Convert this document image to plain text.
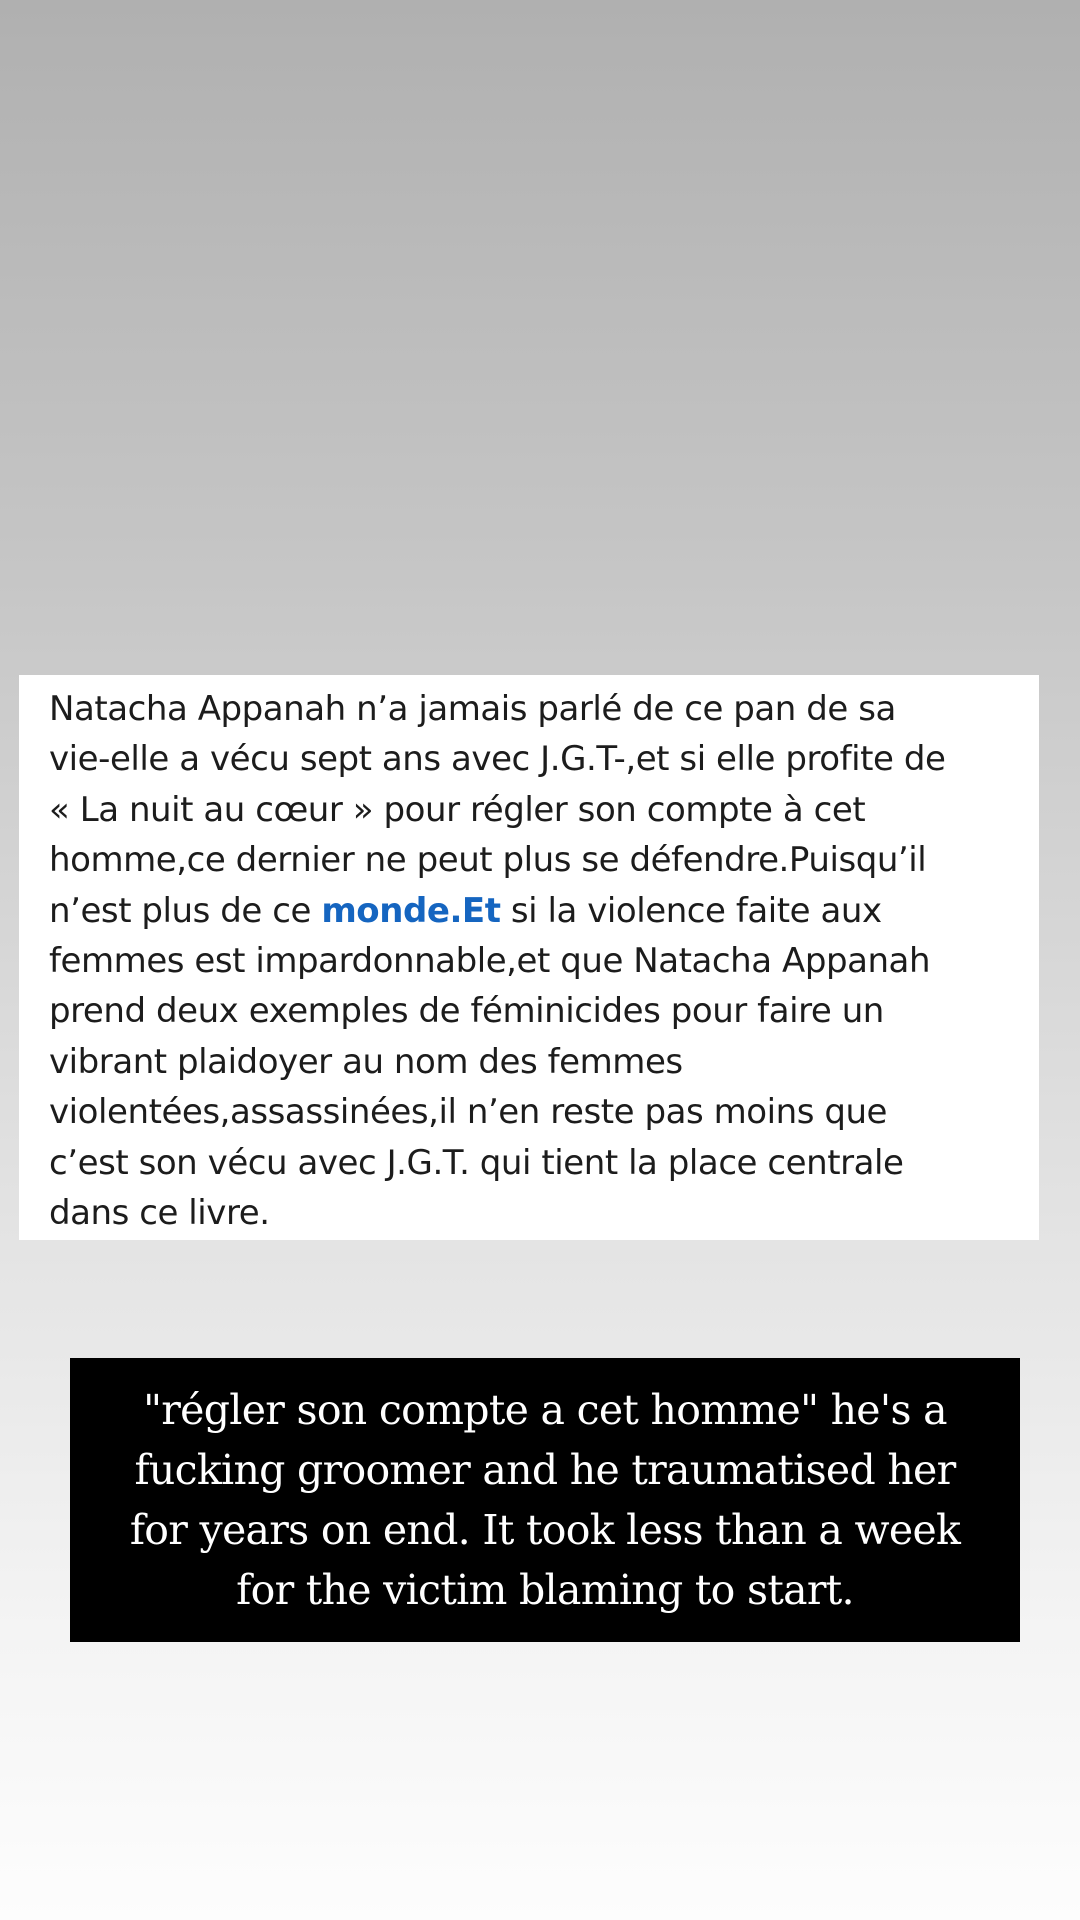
Natacha Appanah n’a jamais parlé de ce pan de sa

vie-elle a vécu sept ans avec J.G.T-,et si elle profite de

« La nuit au cœur » pour régler son compte à cet

homme,ce dernier ne peut plus se défendre.Puisqu’il

n’est plus de ce monde.Et si la violence faite aux

femmes est impardonnable,et que Natacha Appanah

prend deux exemples de féminicides pour faire un

vibrant plaidoyer au nom des femmes

violentées,assassinées,il n’en reste pas moins que

c’est son vécu avec J.G.T. qui tient la place centrale

dans ce livre.

"régler son compte a cet homme" he's a
fucking groomer and he traumatised her
for years on end. It took less than a week
for the victim blaming to start.
